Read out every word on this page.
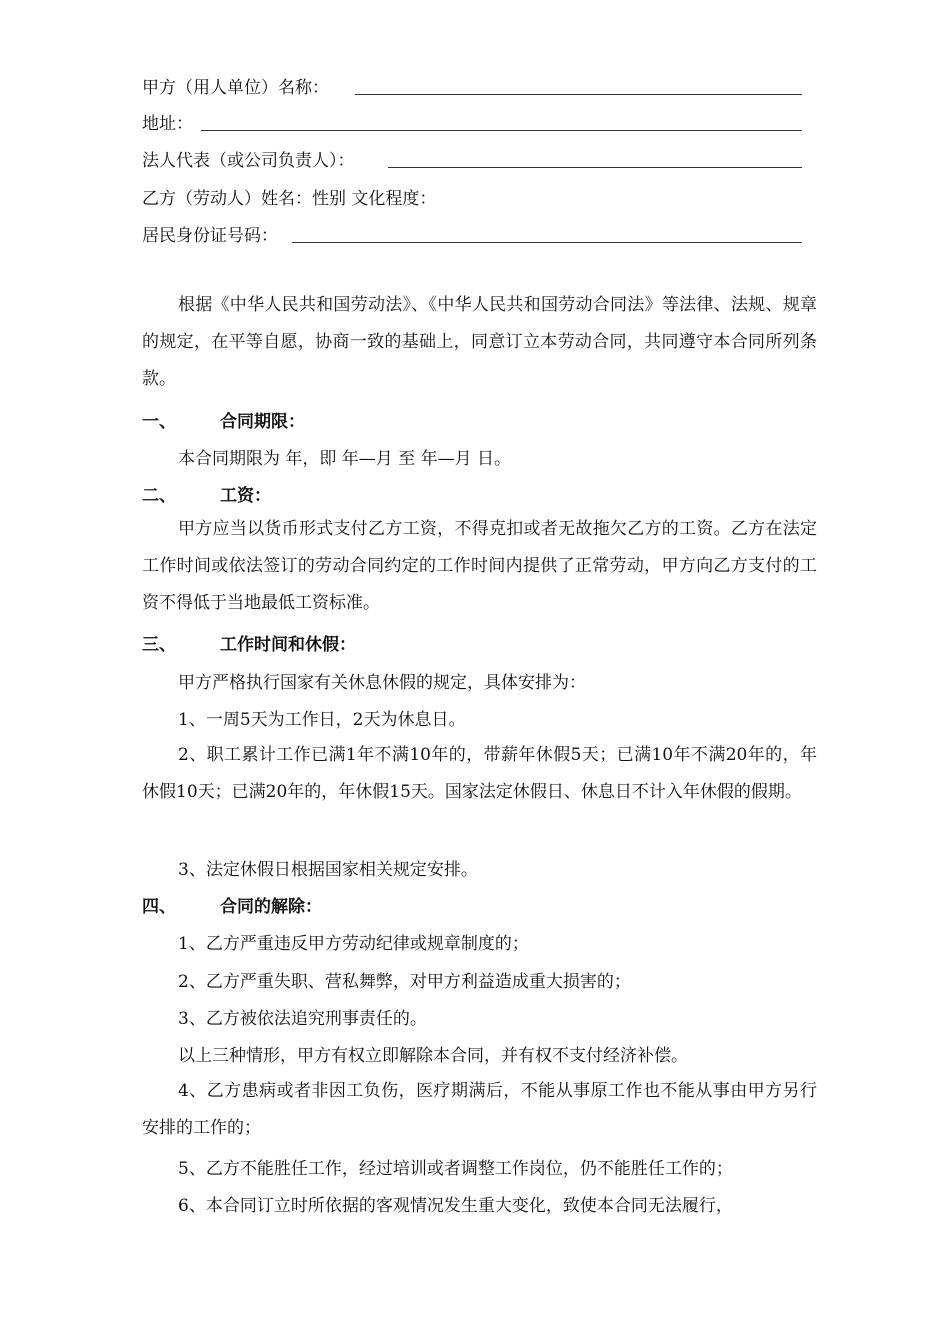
甲方（用人单位）名称：
地址：
法人代表（或公司负责人）：
乙方（劳动人）姓名：性别 文化程度：
居民身份证号码：
根据《中华人民共和国劳动法》、《中华人民共和国劳动合同法》等法律、法规、规章的规定，在平等自愿，协商一致的基础上，同意订立本劳动合同，共同遵守本合同所列条款。
一、	合同期限：
本合同期限为 年，即 年—月 至 年—月 日。
二、	工资：
甲方应当以货币形式支付乙方工资，不得克扣或者无故拖欠乙方的工资。乙方在法定工作时间或依法签订的劳动合同约定的工作时间内提供了正常劳动，甲方向乙方支付的工资不得低于当地最低工资标准。
三、	工作时间和休假：
甲方严格执行国家有关休息休假的规定，具体安排为：
1、一周5天为工作日，2天为休息日。
2、职工累计工作已满1年不满10年的，带薪年休假5天；已满10年不满20年的，年休假10天；已满20年的，年休假15天。国家法定休假日、休息日不计入年休假的假期。
3、法定休假日根据国家相关规定安排。
四、	合同的解除：
1、乙方严重违反甲方劳动纪律或规章制度的；
2、乙方严重失职、营私舞弊，对甲方利益造成重大损害的；
3、乙方被依法追究刑事责任的。
以上三种情形，甲方有权立即解除本合同，并有权不支付经济补偿。
4、乙方患病或者非因工负伤，医疗期满后，不能从事原工作也不能从事由甲方另行安排的工作的；
5、乙方不能胜任工作，经过培训或者调整工作岗位，仍不能胜任工作的；
6、本合同订立时所依据的客观情况发生重大变化，致使本合同无法履行，
